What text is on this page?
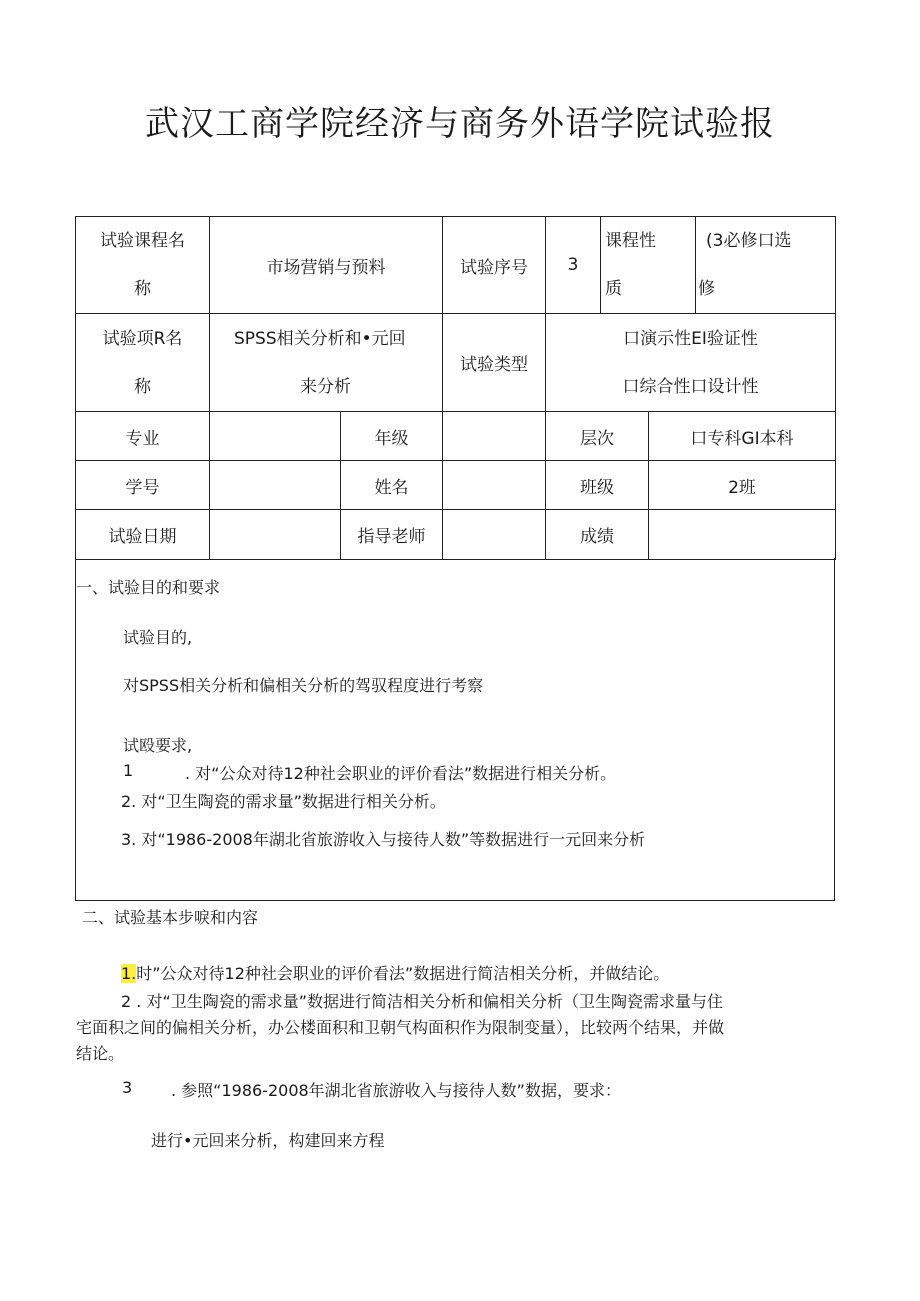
武汉工商学院经济与商务外语学院试验报
试验课程名
称	市场营销与预料	试验序号	3	课程性
质	(3必修口选
修
试验项R名
称	SPSS相关分析和•元回
来分析	试验类型	口演示性EI验证性
口综合性口设计性
专业		年级		层次	口专科GI本科
学号		姓名		班级	2班
试验日期		指导老师		成绩	
一、试验目的和要求
试验目的,
对SPSS相关分析和偏相关分析的驾驭程度进行考察
试殴要求,
1	. 对“公众对待12种社会职业的评价看法”数据进行相关分析。
2. 对“卫生陶瓷的需求量”数据进行相关分析。
3. 对“1986-2008年湖北省旅游收入与接待人数”等数据进行一元回来分析
二、试验基本步唳和内容
1.时”公众对待12种社会职业的评价看法”数据进行简洁相关分析，并做结论。
2 . 对“卫生陶瓷的需求量”数据进行简洁相关分析和偏相关分析（卫生陶瓷需求量与住
宅面积之间的偏相关分析，办公楼面积和卫朝气构面积作为限制变量），比较两个结果，并做
结论。
3 . 参照“1986-2008年湖北省旅游收入与接待人数”数据，要求：
进行•元回来分析，构建回来方程
